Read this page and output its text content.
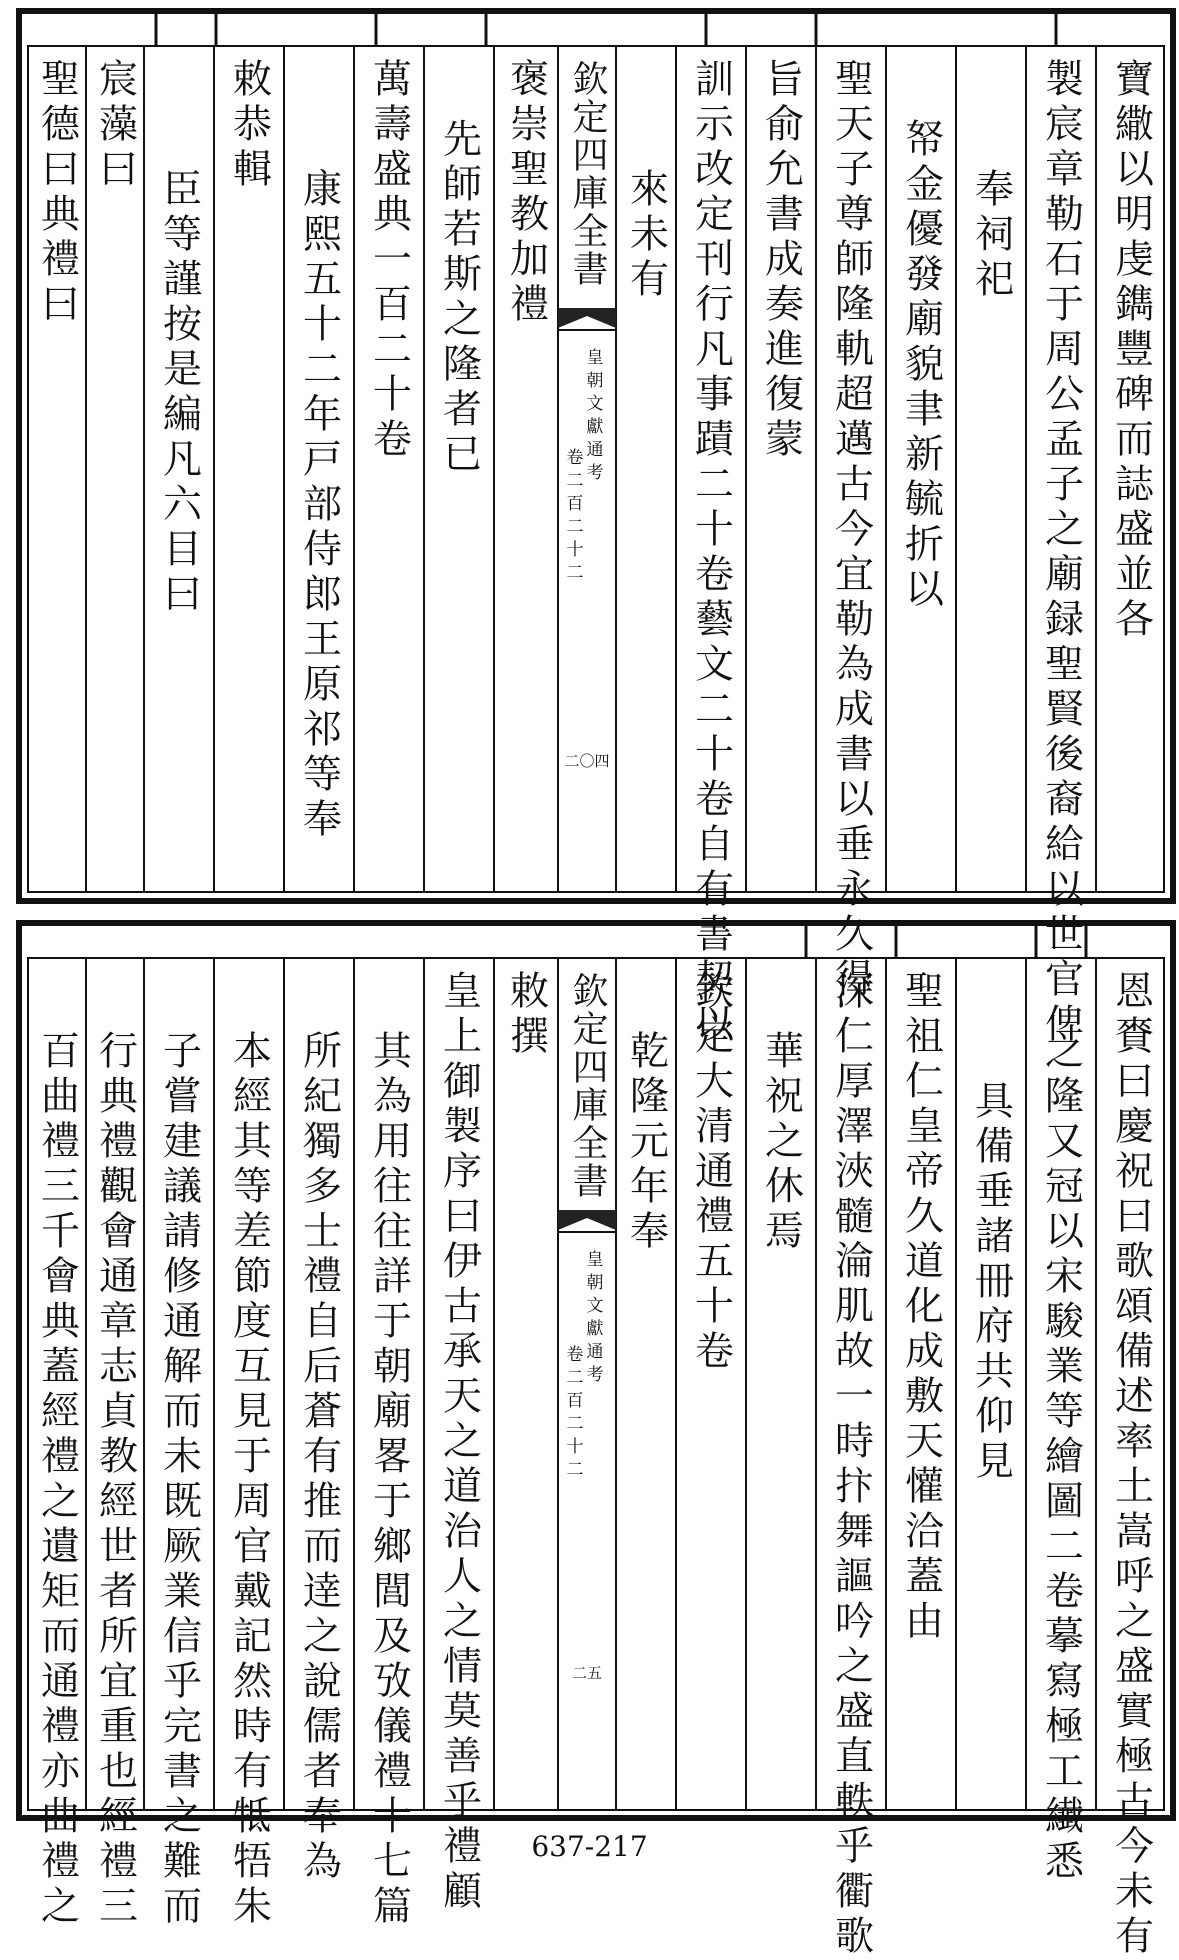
寶繖以明虔鐫豐碑而誌盛並各
製宸章勒石于周公孟子之廟録聖賢後裔給以世官俾
奉祠祀
帑金優發廟貌聿新毓折以
聖天子尊師隆軌超邁古今宜勒為成書以垂永久得
旨俞允書成奏進復蒙
訓示改定刊行凡事蹟二十卷藝文二十卷自有書契以
來未有
欽定四庫全書
皇朝文獻通考
卷二百二十二
二〇四
褒崇聖教加禮
先師若斯之隆者已
萬壽盛典一百二十卷
康熙五十二年戸部侍郎王原祁等奉
敕恭輯
臣等謹按是編凡六目曰
宸藻曰
聖德曰典禮曰
恩賚曰慶祝曰歌頌備述率土嵩呼之盛實極古今未有
之隆又冠以宋駿業等繪圖二卷摹寫極工纎悉
具備垂諸冊府共仰見
聖祖仁皇帝久道化成敷天懽洽蓋由
深仁厚澤浹髓淪肌故一時抃舞謳吟之盛直軼乎衢歌
華祝之休焉
欽定大清通禮五十卷
乾隆元年奉
欽定四庫全書
皇朝文獻通考
卷二百二十二
二五
敕撰
皇上御製序曰伊古承天之道治人之情莫善乎禮顧
其為用往往詳于朝廟畧于鄉閭及攷儀禮十七篇
所紀獨多士禮自后蒼有推而逹之說儒者奉為
本經其等差節度互見于周官戴記然時有牴牾朱
子嘗建議請修通解而未既厥業信乎完書之難而
行典禮觀會通章志貞教經世者所宜重也經禮三
百曲禮三千會典蓋經禮之遺矩而通禮亦曲禮之	637-217
